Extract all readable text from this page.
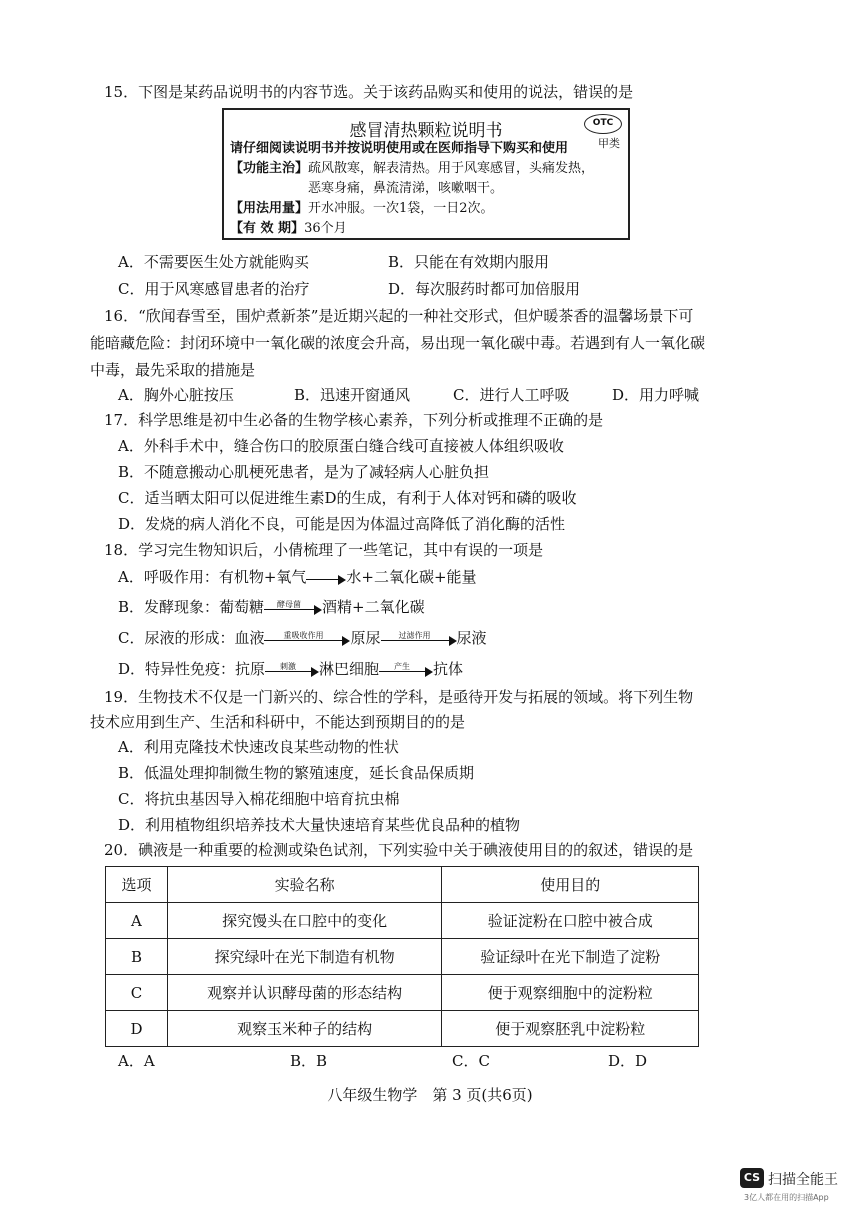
15．下图是某药品说明书的内容节选。关于该药品购买和使用的说法，错误的是
感冒清热颗粒说明书	OTC
甲类
请仔细阅读说明书并按说明使用或在医师指导下购买和使用
【功能主治】疏风散寒，解表清热。用于风寒感冒，头痛发热，
恶寒身痛，鼻流清涕，咳嗽咽干。
【用法用量】开水冲服。一次1袋，一日2次。
【有 效 期】36个月
A．不需要医生处方就能购买	B．只能在有效期内服用
C．用于风寒感冒患者的治疗	D．每次服药时都可加倍服用
16．“欣闻春雪至，围炉煮新茶”是近期兴起的一种社交形式，但炉暖茶香的温馨场景下可
能暗藏危险：封闭环境中一氧化碳的浓度会升高，易出现一氧化碳中毒。若遇到有人一氧化碳
中毒，最先采取的措施是
A．胸外心脏按压	B．迅速开窗通风	C．进行人工呼吸	D．用力呼喊
17．科学思维是初中生必备的生物学核心素养，下列分析或推理不正确的是
A．外科手术中，缝合伤口的胶原蛋白缝合线可直接被人体组织吸收
B．不随意搬动心肌梗死患者，是为了减轻病人心脏负担
C．适当晒太阳可以促进维生素D的生成，有利于人体对钙和磷的吸收
D．发烧的病人消化不良，可能是因为体温过高降低了消化酶的活性
18．学习完生物知识后，小倩梳理了一些笔记，其中有误的一项是
A．呼吸作用：有机物+氧气	水+二氧化碳+能量
B．发酵现象：葡萄糖	酵母菌	酒精+二氧化碳
C．尿液的形成：血液	重吸收作用	原尿	过滤作用	尿液
D．特异性免疫：抗原	刺激	淋巴细胞	产生	抗体
19．生物技术不仅是一门新兴的、综合性的学科，是亟待开发与拓展的领域。将下列生物
技术应用到生产、生活和科研中，不能达到预期目的的是
A．利用克隆技术快速改良某些动物的性状
B．低温处理抑制微生物的繁殖速度，延长食品保质期
C．将抗虫基因导入棉花细胞中培育抗虫棉
D．利用植物组织培养技术大量快速培育某些优良品种的植物
20．碘液是一种重要的检测或染色试剂，下列实验中关于碘液使用目的的叙述，错误的是
选项	实验名称	使用目的
A	探究馒头在口腔中的变化	验证淀粉在口腔中被合成
B	探究绿叶在光下制造有机物	验证绿叶在光下制造了淀粉
C	观察并认识酵母菌的形态结构	便于观察细胞中的淀粉粒
D	观察玉米种子的结构	便于观察胚乳中淀粉粒
A．A	B．B	C．C	D．D
八年级生物学　第 3 页(共6页)
CS 扫描全能王
3亿人都在用的扫描App
